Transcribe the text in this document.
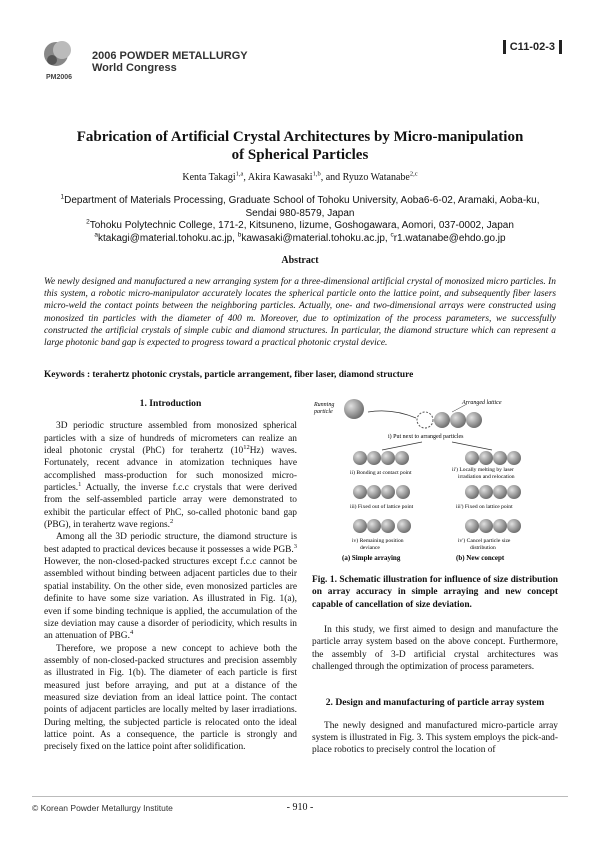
2006 POWDER METALLURGY
World Congress
PM2006
C11-02-3
Fabrication of Artificial Crystal Architectures by Micro-manipulation
of Spherical Particles
Kenta Takagi$^{1,a}$, Akira Kawasaki$^{1,b}$, and Ryuzo Watanabe$^{2,c}$
$^1$Department of Materials Processing, Graduate School of Tohoku University, Aoba6-6-02, Aramaki, Aoba-ku,
Sendai 980-8579, Japan
$^2$Tohoku Polytechnic College, 171-2, Kitsuneno, Iizume, Goshogawara, Aomori, 037-0002, Japan
$^a$ktakagi@material.tohoku.ac.jp, $^b$kawasaki@material.tohoku.ac.jp, $^c$r1.watanabe@ehdo.go.jp
Abstract
We newly designed and manufactured a new arranging system for a three-dimensional artificial crystal of monosized micro particles. In this system, a robotic micro-manipulator accurately locates the spherical particle onto the lattice point, and subsequently fiber lasers micro-weld the contact points between the neighboring particles. Actually, one- and two-dimensional arrays were constructed using monosized tin particles with the diameter of 400 m. Moreover, due to optimization of the process parameters, we successfully constructed the artificial crystals of simple cubic and diamond structures. In particular, the diamond structure which can represent a large photonic band gap is expected to progress toward a practical photonic crystal device.
Keywords : terahertz photonic crystals, particle arrangement, fiber laser, diamond structure
1. Introduction

3D periodic structure assembled from monosized spherical particles with a size of hundreds of micrometers can realize an ideal photonic crystal (PhC) for terahertz $(10^{12}Hz)$ waves. Fortunately, recent advance in atomization techniques have accomplished mass-production for such monosized micro-particles.$^1$ Actually, the inverse f.c.c crystals that were derived from the self-assembled particle array were demonstrated to exhibit the particular effect of PhC, so-called photonic band gap (PBG), in terahertz wave regions.$^2$

Among all the 3D periodic structure, the diamond structure is best adapted to practical devices because it possesses a wide PGB.$^3$ However, the non-closed-packed structures except f.c.c cannot be assembled without binding between adjacent particles due to their spatial instability. On the other side, even monosized particles are definite to have some size variation. As illustrated in Fig. 1(a), even if some binding technique is applied, the accumulation of the size deviation may cause a disorder of periodicity, which results in an attenuation of PBG.$^4$

Therefore, we propose a new concept to achieve both the assembly of non-closed-packed structures and precision assembly as illustrated in Fig. 1(b). The diameter of each particle is first measured just before arraying, and put at a distance of the measured size deviation from an ideal lattice point. The contact points of adjacent particles are locally melted by laser irradiations. During melting, the subjected particle is relocated onto the ideal lattice point. As a consequence, the particle is strongly and precisely fixed on the lattice point after solidification.

Running
particle
Arranged lattice
i) Put next to arranged particles
ii) Bonding at contact point	ii') Locally melting by laser
irradiation and relocation
iii) Fixed out of lattice point	iii') Fixed on lattice point
iv) Remaining position
deviance
iv') Cancel particle size
distribution
(a) Simple arraying	(b) New concept
Fig. 1. Schematic illustration for influence of size distribution on array accuracy in simple arraying and new concept capable of cancellation of size deviation.

In this study, we first aimed to design and manufacture the particle array system based on the above concept. Furthermore, the assembly of 3-D artificial crystal architectures was challenged through the optimization of process parameters.

2. Design and manufacturing of particle array system

The newly designed and manufactured micro-particle array system is illustrated in Fig. 3. This system employs the pick-and-place robotics to precisely control the location of

© Korean Powder Metallurgy Institute	- 910 -
